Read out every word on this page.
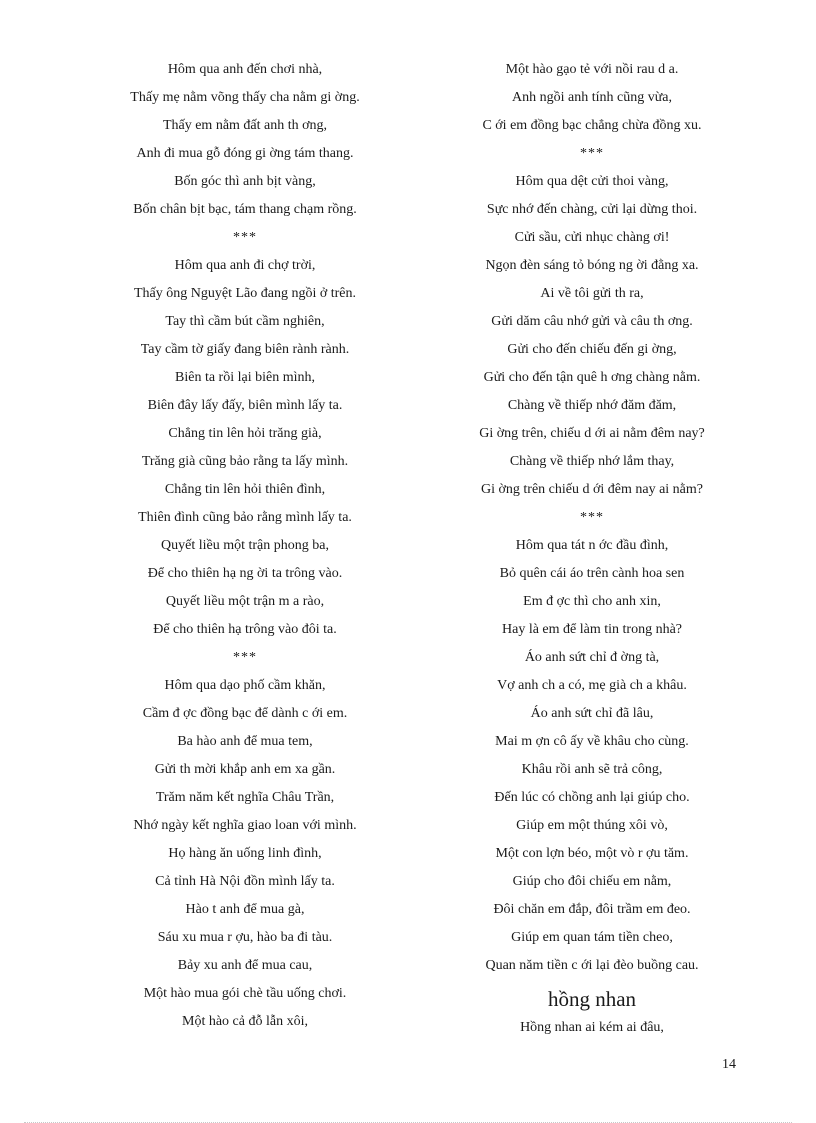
Hôm qua anh đến chơi nhà,
Thấy mẹ nằm võng thấy cha nằm gi ờng.
Thấy em nằm đất anh th ơng,
Anh đi mua gỗ đóng gi ờng tám thang.
Bốn góc thì anh bịt vàng,
Bốn chân bịt bạc, tám thang chạm rồng.
***
Hôm qua anh đi chợ trời,
Thấy ông Nguyệt Lão đang ngồi ở trên.
Tay thì cầm bút cầm nghiên,
Tay cầm tờ giấy đang biên rành rành.
Biên ta rồi lại biên mình,
Biên đây lấy đấy, biên mình lấy ta.
Chẳng tin lên hỏi trăng già,
Trăng già cũng bảo rằng ta lấy mình.
Chẳng tin lên hỏi thiên đình,
Thiên đình cũng bảo rằng mình lấy ta.
Quyết liều một trận phong ba,
Để cho thiên hạ ng ời ta trông vào.
Quyết liều một trận m a rào,
Để cho thiên hạ trông vào đôi ta.
***
Hôm qua dạo phố cầm khăn,
Cầm đ ợc đồng bạc để dành c ới em.
Ba hào anh để mua tem,
Gửi th mời khắp anh em xa gần.
Trăm năm kết nghĩa Châu Trần,
Nhớ ngày kết nghĩa giao loan với mình.
Họ hàng ăn uống linh đình,
Cả tỉnh Hà Nội đồn mình lấy ta.
Hào t anh để mua gà,
Sáu xu mua r ợu, hào ba đi tàu.
Bảy xu anh để mua cau,
Một hào mua gói chè tầu uống chơi.
Một hào cả đỗ lẫn xôi,
Một hào gạo tẻ với nồi rau d a.
Anh ngồi anh tính cũng vừa,
C ới em đồng bạc chẳng chừa đồng xu.
***
Hôm qua dệt cửi thoi vàng,
Sực nhớ đến chàng, cửi lại dừng thoi.
Cửi sầu, cửi nhục chàng ơi!
Ngọn đèn sáng tỏ bóng ng ời đằng xa.
Ai về tôi gửi th ra,
Gửi dăm câu nhớ gửi và câu th ơng.
Gửi cho đến chiếu đến gi ờng,
Gửi cho đến tận quê h ơng chàng nằm.
Chàng về thiếp nhớ đăm đăm,
Gi ờng trên, chiếu d ới ai nằm đêm nay?
Chàng về thiếp nhớ lắm thay,
Gi ờng trên chiếu d ới đêm nay ai nằm?
***
Hôm qua tát n ớc đầu đình,
Bỏ quên cái áo trên cành hoa sen
Em đ ợc thì cho anh xin,
Hay là em để làm tin trong nhà?
Áo anh sứt chỉ đ ờng tà,
Vợ anh ch a có, mẹ già ch a khâu.
Áo anh sứt chỉ đã lâu,
Mai m ợn cô ấy về khâu cho cùng.
Khâu rồi anh sẽ trả công,
Đến lúc có chồng anh lại giúp cho.
Giúp em một thúng xôi vò,
Một con lợn béo, một vò r ợu tăm.
Giúp cho đôi chiếu em nằm,
Đôi chăn em đắp, đôi trầm em đeo.
Giúp em quan tám tiền cheo,
Quan năm tiền c ới lại đèo buồng cau.
hồng nhan
Hồng nhan ai kém ai đâu,
14
